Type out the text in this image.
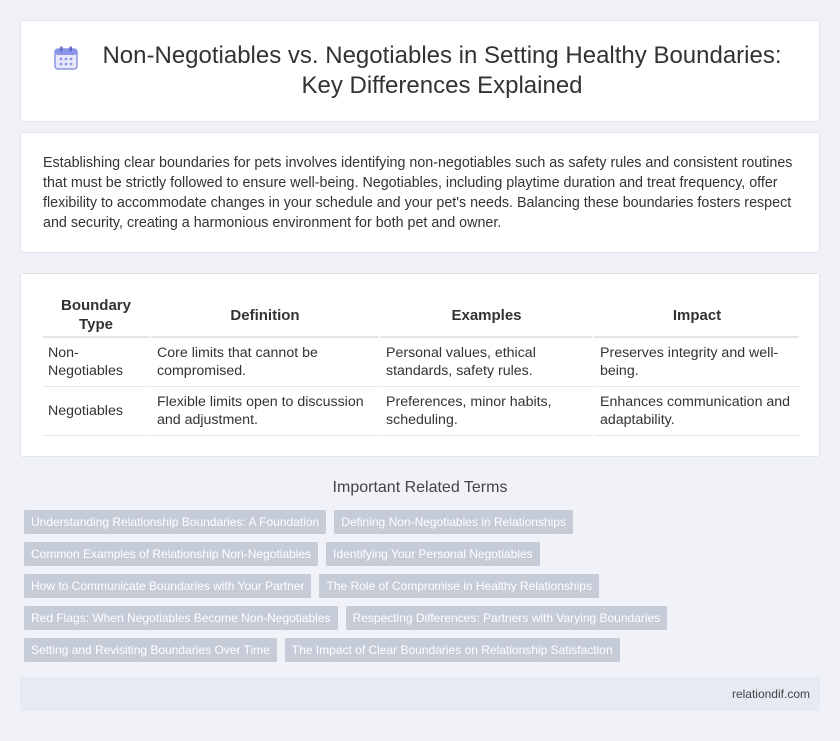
Non-Negotiables vs. Negotiables in Setting Healthy Boundaries: Key Differences Explained

Establishing clear boundaries for pets involves identifying non-negotiables such as safety rules and consistent routines that must be strictly followed to ensure well-being. Negotiables, including playtime duration and treat frequency, offer flexibility to accommodate changes in your schedule and your pet's needs. Balancing these boundaries fosters respect and security, creating a harmonious environment for both pet and owner.

Boundary Type	Definition	Examples	Impact
Non-Negotiables	Core limits that cannot be compromised.	Personal values, ethical standards, safety rules.	Preserves integrity and well-being.
Negotiables	Flexible limits open to discussion and adjustment.	Preferences, minor habits, scheduling.	Enhances communication and adaptability.
Important Related Terms
Understanding Relationship Boundaries: A Foundation	Defining Non-Negotiables in Relationships
Common Examples of Relationship Non-Negotiables	Identifying Your Personal Negotiables
How to Communicate Boundaries with Your Partner	The Role of Compromise in Healthy Relationships
Red Flags: When Negotiables Become Non-Negotiables	Respecting Differences: Partners with Varying Boundaries
Setting and Revisiting Boundaries Over Time	The Impact of Clear Boundaries on Relationship Satisfaction
relationdif.com
